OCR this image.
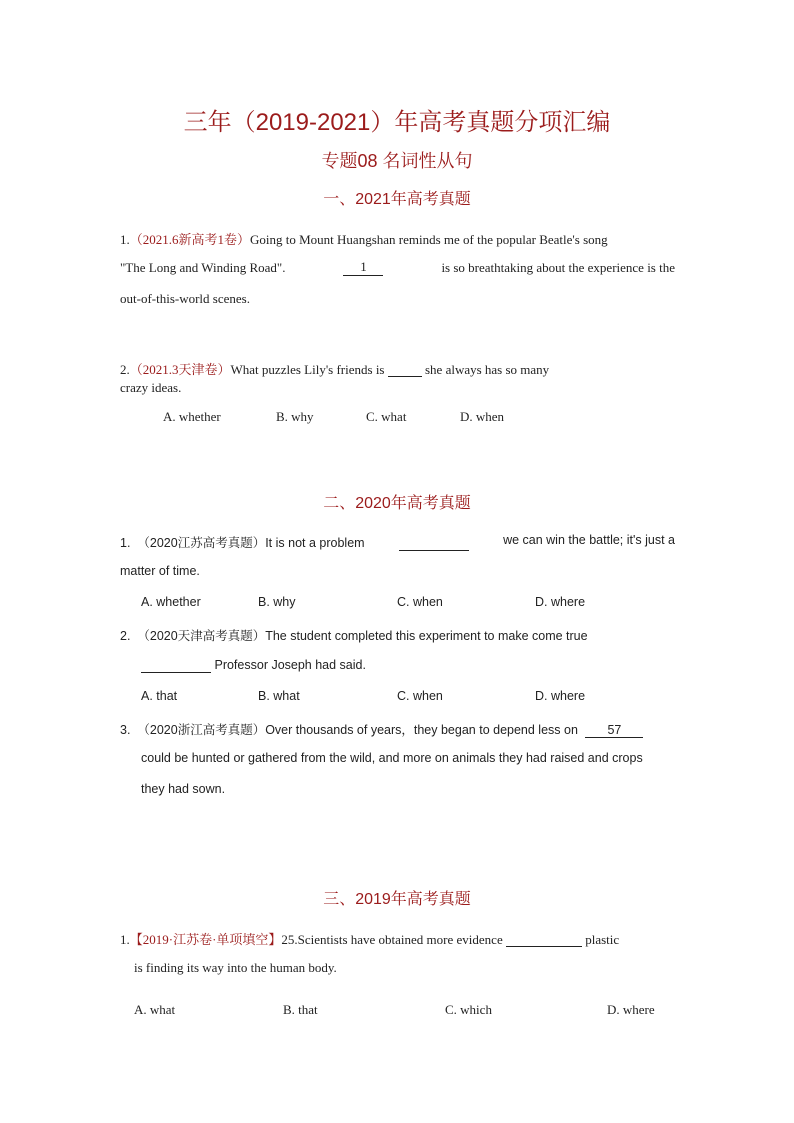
三年（2019-2021）年高考真题分项汇编
专题08 名词性从句
一、2021年高考真题
1.（2021.6新高考1卷）Going to Mount Huangshan reminds me of the popular Beatle's song
"The Long and Winding Road".	1	is so breathtaking about the experience is the
out-of-this-world scenes.
2.（2021.3天津卷）What puzzles Lily's friends is	she always has so many
crazy ideas.
A. whether	B. why	C. what	D. when
二、2020年高考真题
1. （2020江苏高考真题）It is not a problem
	we can win the battle; it's just a
matter of time.
A. whether	B. why	C. when	D. where
2. （2020天津高考真题）The student completed this experiment to make come true
Professor Joseph had said.
A. that	B. what	C. when	D. where
3. （2020浙江高考真题）Over thousands of years，they began to depend less on 57
could be hunted or gathered from the wild, and more on animals they had raised and crops
they had sown.
三、2019年高考真题
1.【2019·江苏卷·单项填空】25.Scientists have obtained more evidence	plastic
is finding its way into the human body.
A. what	B. that	C. which	D. where
